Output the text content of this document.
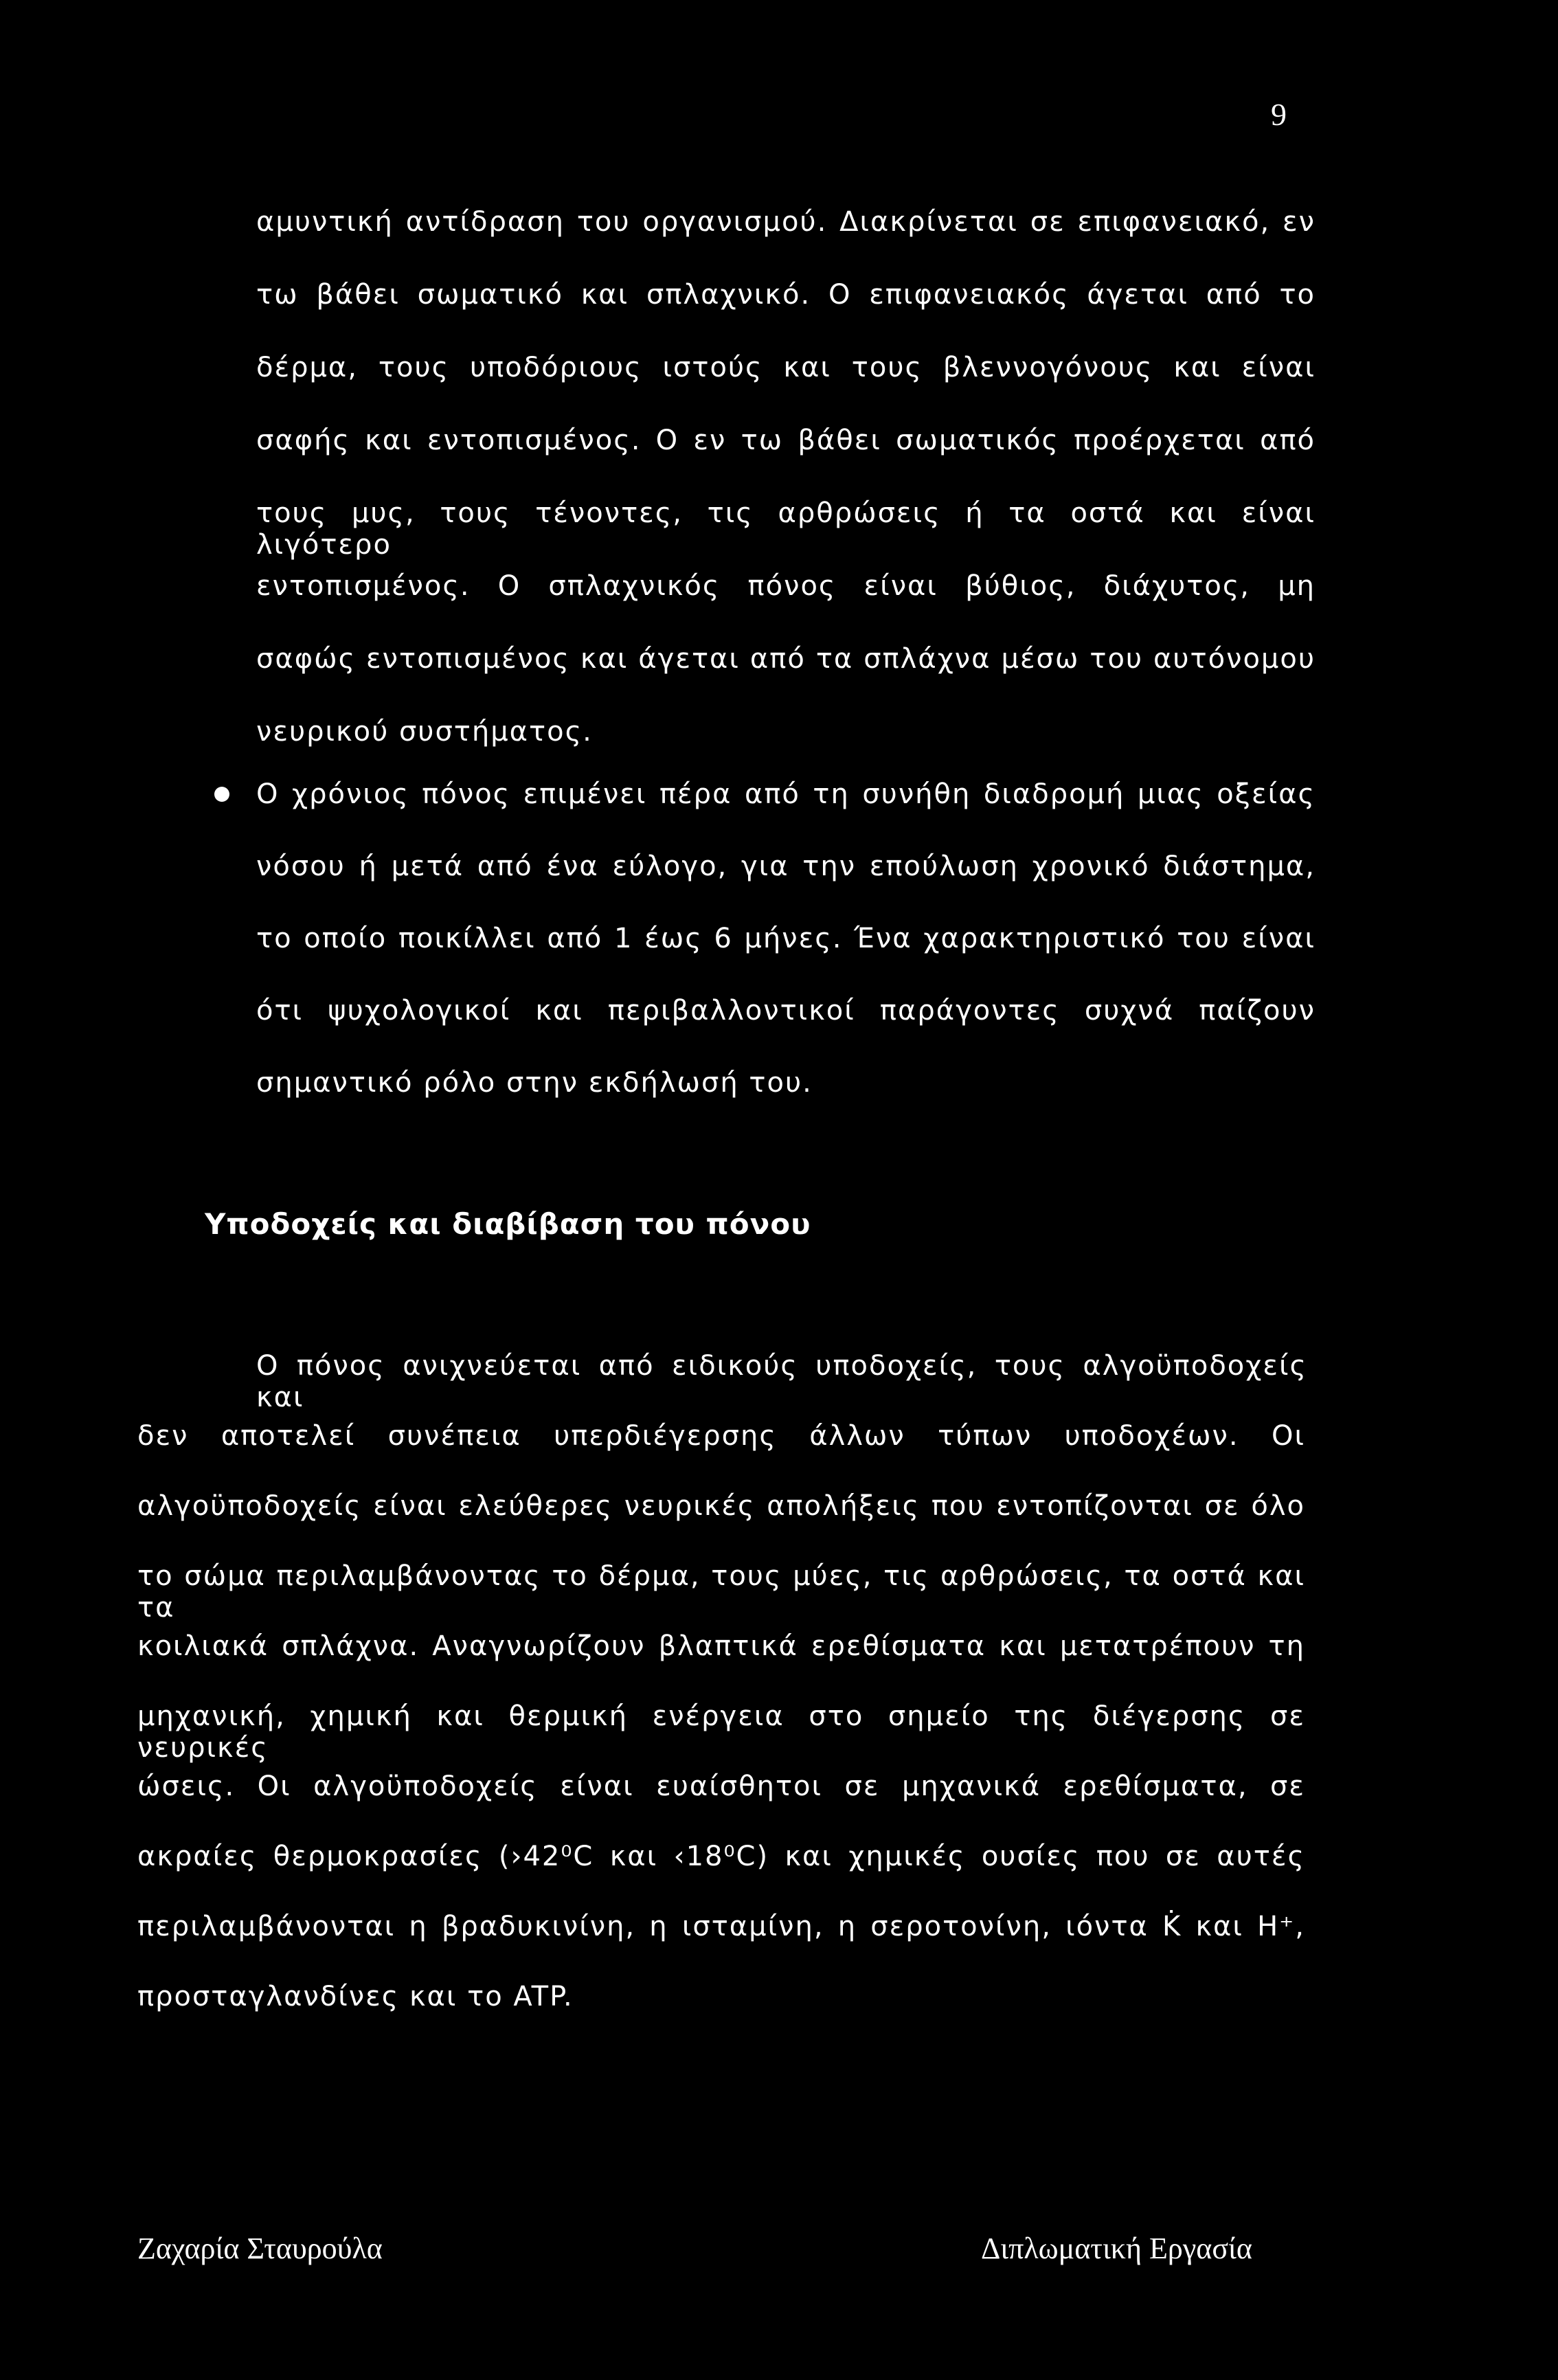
9
αμυντική αντίδραση του οργανισμού. Διακρίνεται σε επιφανειακό, εν
τω βάθει σωματικό και σπλαχνικό. Ο επιφανειακός άγεται από το
δέρμα, τους υποδόριους ιστούς και τους βλεννογόνους και είναι
σαφής και εντοπισμένος. Ο εν τω βάθει σωματικός προέρχεται από
τους μυς, τους τένοντες, τις αρθρώσεις ή τα οστά και είναι λιγότερο
εντοπισμένος. Ο σπλαχνικός πόνος είναι βύθιος, διάχυτος, μη
σαφώς εντοπισμένος και άγεται από τα σπλάχνα μέσω του αυτόνομου
νευρικού συστήματος.
Ο χρόνιος πόνος επιμένει πέρα από τη συνήθη διαδρομή μιας οξείας
νόσου ή μετά από ένα εύλογο, για την επούλωση χρονικό διάστημα,
το οποίο ποικίλλει από 1 έως 6 μήνες. Ένα χαρακτηριστικό του είναι
ότι ψυχολογικοί και περιβαλλοντικοί παράγοντες συχνά παίζουν
σημαντικό ρόλο στην εκδήλωσή του.
Υποδοχείς και διαβίβαση του πόνου
Ο πόνος ανιχνεύεται από ειδικούς υποδοχείς, τους αλγοϋποδοχείς και
δεν αποτελεί συνέπεια υπερδιέγερσης άλλων τύπων υποδοχέων. Οι
αλγοϋποδοχείς είναι ελεύθερες νευρικές απολήξεις που εντοπίζονται σε όλο
το σώμα περιλαμβάνοντας το δέρμα, τους μύες, τις αρθρώσεις, τα οστά και τα
κοιλιακά σπλάχνα. Αναγνωρίζουν βλαπτικά ερεθίσματα και μετατρέπουν τη
μηχανική, χημική και θερμική ενέργεια στο σημείο της διέγερσης σε νευρικές
ώσεις. Οι αλγοϋποδοχείς είναι ευαίσθητοι σε μηχανικά ερεθίσματα, σε
ακραίες θερμοκρασίες (›42⁰C και ‹18⁰C) και χημικές ουσίες που σε αυτές
περιλαμβάνονται η βραδυκινίνη, η ισταμίνη, η σεροτονίνη, ιόντα K̇ και H⁺,
προσταγλανδίνες και το ATP.
Ζαχαρία Σταυρούλα	Διπλωματική Εργασία
